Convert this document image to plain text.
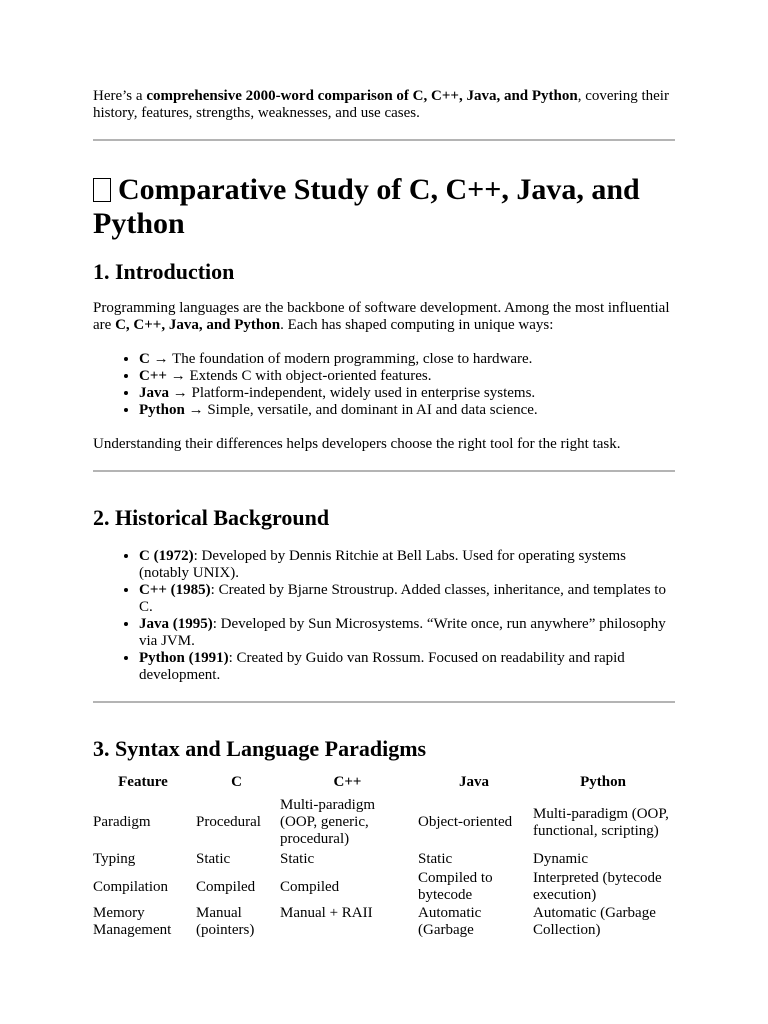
Here’s a comprehensive 2000-word comparison of C, C++, Java, and Python, covering their history, features, strengths, weaknesses, and use cases.

Comparative Study of C, C++, Java, and Python
1. Introduction

Programming languages are the backbone of software development. Among the most influential are C, C++, Java, and Python. Each has shaped computing in unique ways:

• C → The foundation of modern programming, close to hardware.
• C++ → Extends C with object-oriented features.
• Java → Platform-independent, widely used in enterprise systems.
• Python → Simple, versatile, and dominant in AI and data science.

Understanding their differences helps developers choose the right tool for the right task.

2. Historical Background
• C (1972): Developed by Dennis Ritchie at Bell Labs. Used for operating systems (notably UNIX).
• C++ (1985): Created by Bjarne Stroustrup. Added classes, inheritance, and templates to C.
• Java (1995): Developed by Sun Microsystems. “Write once, run anywhere” philosophy via JVM.
• Python (1991): Created by Guido van Rossum. Focused on readability and rapid development.
3. Syntax and Language Paradigms
Feature	C	C++	Java	Python
Paradigm	Procedural	Multi-paradigm (OOP, generic, procedural)	Object-oriented	Multi-paradigm (OOP, functional, scripting)
Typing	Static	Static	Static	Dynamic
Compilation	Compiled	Compiled	Compiled to bytecode	Interpreted (bytecode execution)
Memory Management	Manual (pointers)	Manual + RAII	Automatic (Garbage	Automatic (Garbage Collection)
